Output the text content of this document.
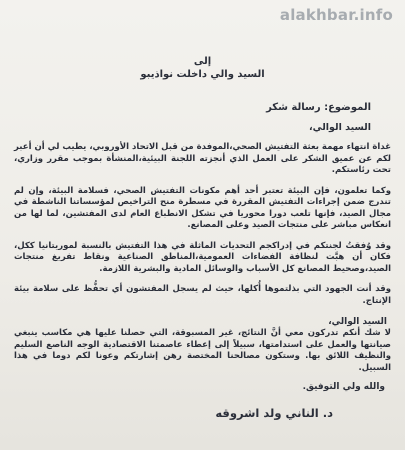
alakhbar.info
إلى
السيد والي داخلت نواذيبو
الموضوع: رسالة شكر
السيد الوالي،

غداة انتهاء مهمة بعثة التفتيش الصحي،الموفدة من قبل الاتحاد الأوروبي، يطيب لي أن أعبر لكم عن عميق الشكر على العمل الذي أنجزته اللجنة البيئية،المنشأة بموجب مقرر وزاري، تحت رئاستكم.

وكما تعلمون، فإن البيئة تعتبر أحد أهم مكونات التفتيش الصحي، فسلامة البيئة، وإن لم تندرج ضمن إجراءات التفتيش المقررة في مسطرة منح التراخيص لمؤسساتنا الناشطة في مجال الصيد، فإنها تلعب دورا محوريا في تشكل الانطباع العام لدى المفتشين، لما لها من انعكاس مباشر على منتجات الصيد وعلى المصانع.

وقد وُفقتُ لجنتكم في إدراكجم التحديات الماثلة في هذا التفتيش بالنسبة لموريتانيا ككل، فكان أن هبَّت لنظافة الفضاءات العمومية،المناطق الصناعية ونقاط تفريغ منتجات الصيد،وصحيط المصانع كل الأسباب والوسائل المادية والبشرية اللازمة.

وقد أنت الجهود التي بذلتموها أُكلها، حيث لم يسجل المفتشون أي تحفُّظ على سلامة بيئة الإنتاج.

السيد الوالي،

لا شك أنكم تدركون معي أنَّ النتائج، غير المسبوقة، التي حصلنا عليها هي مكاسب ينبغي صيانتها والعمل على استدامتها، سبيلاً إلى إعطاء عاصمتنا الاقتصادية الوجه الناصع السليم والنظيف اللائق بها. وستكون مصالحنا المختصة رهن إشارتكم وعونا لكم دوما في هذا السبيل.

والله ولي التوفيق.
د. الناني ولد اشروقه
